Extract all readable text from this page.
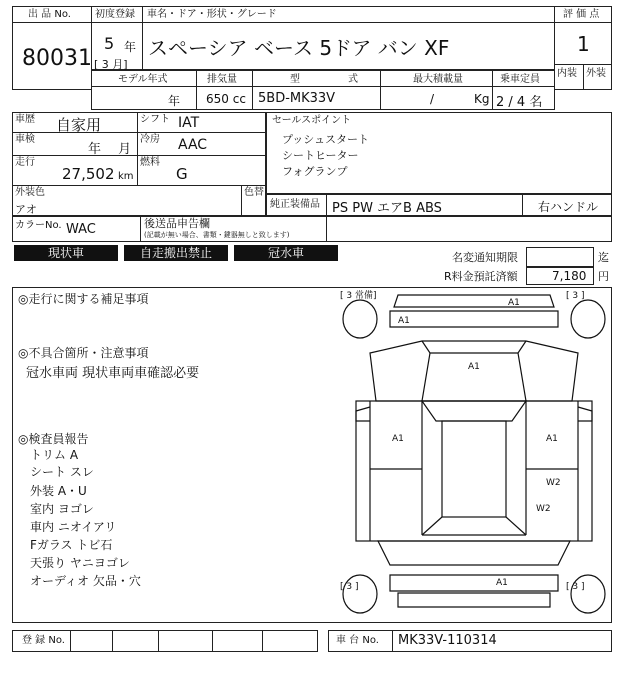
出 品 No.
80031
初度登録 車名・ドア・形状・グレード
5 年
[ 3 月]
スペーシア ベース 5ドア バン XF
評 価 点
1
内装 外装
モデル年式	排気量	型	式	最大積載量	乗車定員
年 650 cc 5BD-MK33V	/	Kg 2 / 4 名
車歴 自家用	シフト IAT
車検
年　 月
冷房 AAC
走行
27,502 km
燃料
G
外装色
アオ
色替
セールスポイント
プッシュスタート
シートヒーター
フォグランプ
純正装備品 PS PW エアB ABS	右ハンドル
カラーNo. WAC	後送品申告欄
(記載が無い場合、書類・鍵器無しと致します)
現状車	自走搬出禁止	冠水車	名変通知期限	迄
R料金預託済額	7,180 円
◎走行に関する補足事項
◎不具合箇所・注意事項
冠水車両 現状車両車確認必要
◎検査員報告
トリム A
シート スレ
外装 A・U
室内 ヨゴレ
車内 ニオイアリ
Fガラス トビ石
天張り ヤニヨゴレ
オーディオ 欠品・穴
[ 3 常備]	[ 3 ]
[ 3 ]	[ 3 ]
A1
A1
A1
A1	A1
W2
W2
A1
登 録 No.	車 台 No. MK33V-110314
